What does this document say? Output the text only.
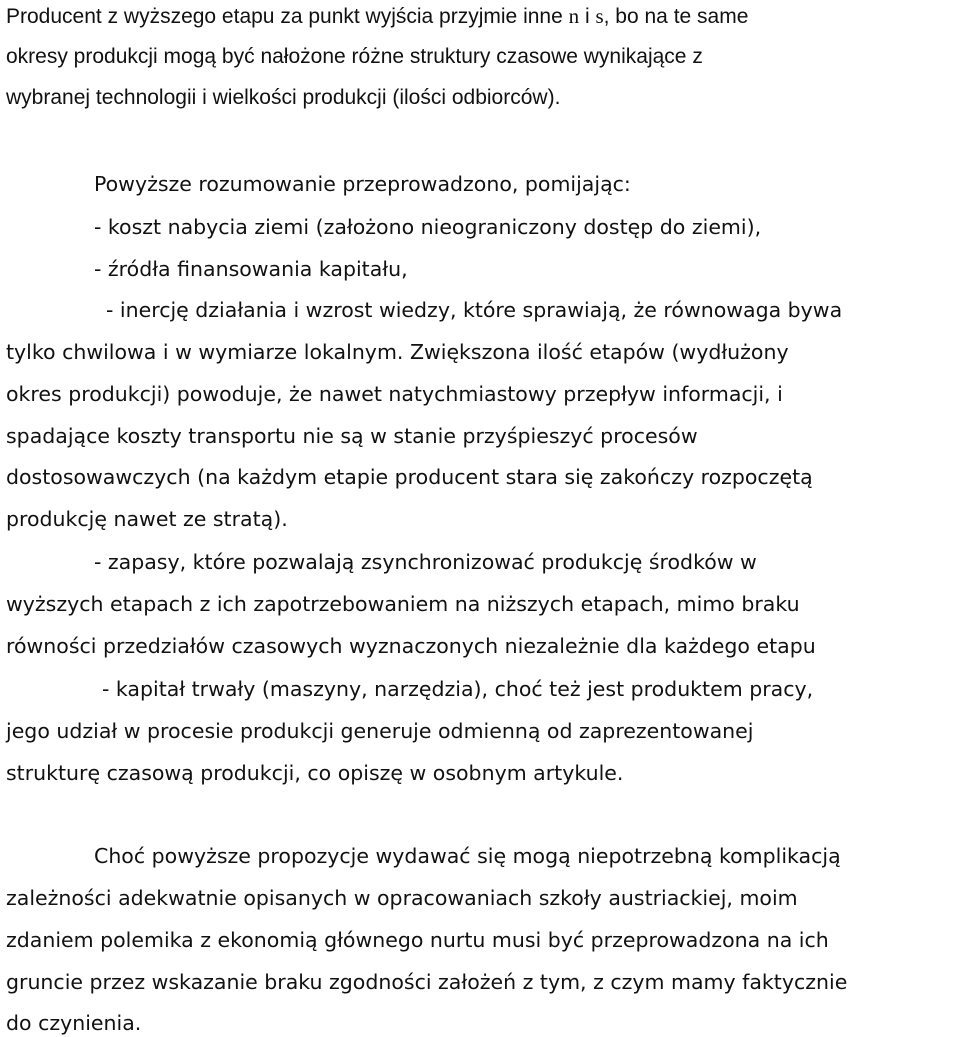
Producent z wyższego etapu za punkt wyjścia przyjmie inne n i s, bo na te same
okresy produkcji mogą być nałożone różne struktury czasowe wynikające z
wybranej technologii i wielkości produkcji (ilości odbiorców).
Powyższe rozumowanie przeprowadzono, pomijając:
- koszt nabycia ziemi (założono nieograniczony dostęp do ziemi),
- źródła finansowania kapitału,
- inercję działania i wzrost wiedzy, które sprawiają, że równowaga bywa
tylko chwilowa i w wymiarze lokalnym. Zwiększona ilość etapów (wydłużony
okres produkcji) powoduje, że nawet natychmiastowy przepływ informacji, i
spadające koszty transportu nie są w stanie przyśpieszyć procesów
dostosowawczych (na każdym etapie producent stara się zakończy rozpoczętą
produkcję nawet ze stratą).
- zapasy, które pozwalają zsynchronizować produkcję środków w
wyższych etapach z ich zapotrzebowaniem na niższych etapach, mimo braku
równości przedziałów czasowych wyznaczonych niezależnie dla każdego etapu
- kapitał trwały (maszyny, narzędzia), choć też jest produktem pracy,
jego udział w procesie produkcji generuje odmienną od zaprezentowanej
strukturę czasową produkcji, co opiszę w osobnym artykule.
Choć powyższe propozycje wydawać się mogą niepotrzebną komplikacją
zależności adekwatnie opisanych w opracowaniach szkoły austriackiej, moim
zdaniem polemika z ekonomią głównego nurtu musi być przeprowadzona na ich
gruncie przez wskazanie braku zgodności założeń z tym, z czym mamy faktycznie
do czynienia.
